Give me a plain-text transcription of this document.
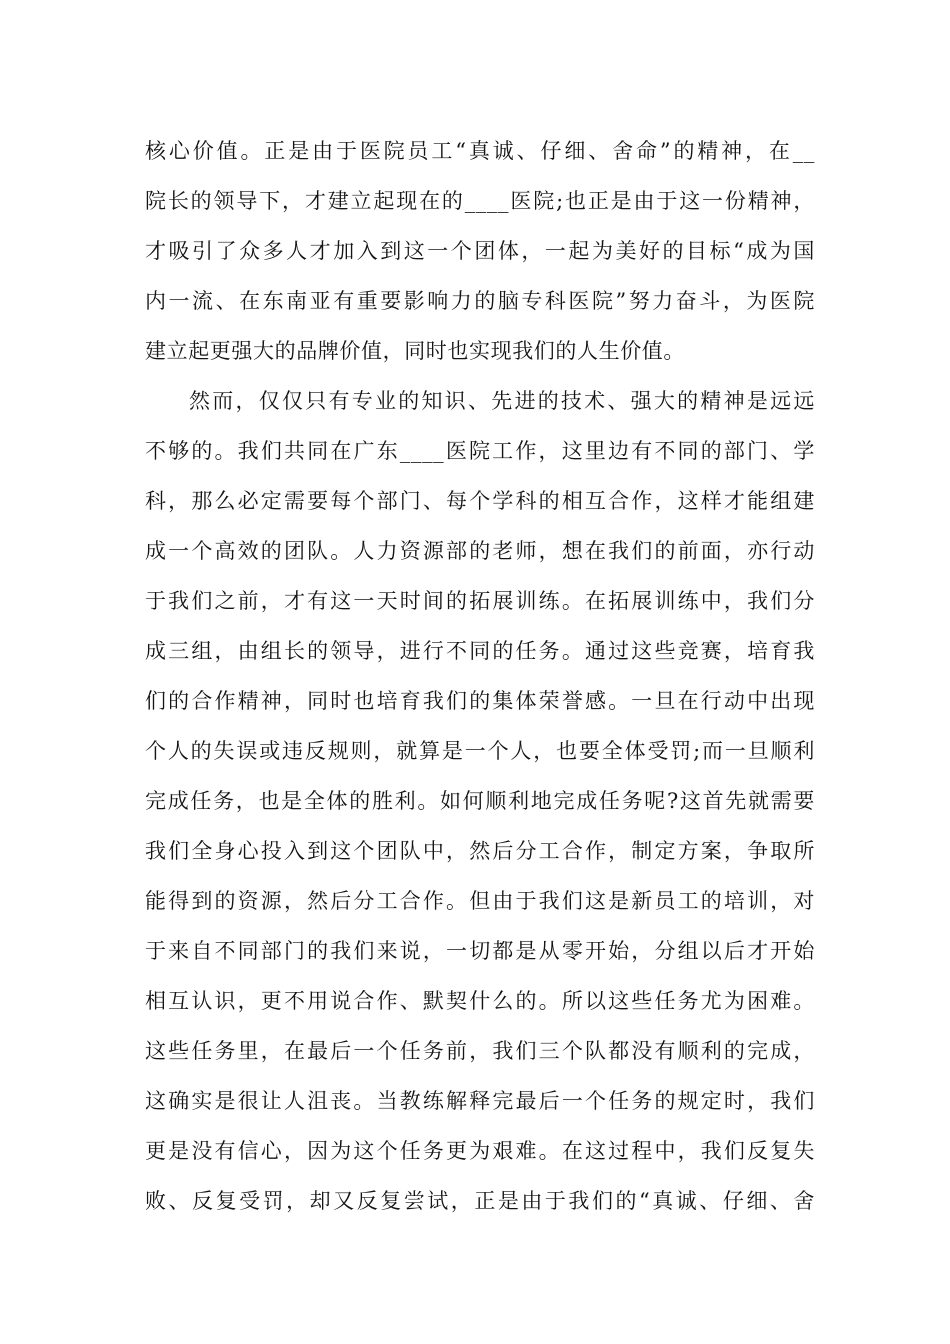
核心价值。正是由于医院员工“真诚、仔细、舍命”的精神，在__
院长的领导下，才建立起现在的____医院;也正是由于这一份精神，
才吸引了众多人才加入到这一个团体，一起为美好的目标“成为国
内一流、在东南亚有重要影响力的脑专科医院”努力奋斗，为医院
建立起更强大的品牌价值，同时也实现我们的人生价值。
然而，仅仅只有专业的知识、先进的技术、强大的精神是远远
不够的。我们共同在广东____医院工作，这里边有不同的部门、学
科，那么必定需要每个部门、每个学科的相互合作，这样才能组建
成一个高效的团队。人力资源部的老师，想在我们的前面，亦行动
于我们之前，才有这一天时间的拓展训练。在拓展训练中，我们分
成三组，由组长的领导，进行不同的任务。通过这些竞赛，培育我
们的合作精神，同时也培育我们的集体荣誉感。一旦在行动中出现
个人的失误或违反规则，就算是一个人，也要全体受罚;而一旦顺利
完成任务，也是全体的胜利。如何顺利地完成任务呢?这首先就需要
我们全身心投入到这个团队中，然后分工合作，制定方案，争取所
能得到的资源，然后分工合作。但由于我们这是新员工的培训，对
于来自不同部门的我们来说，一切都是从零开始，分组以后才开始
相互认识，更不用说合作、默契什么的。所以这些任务尤为困难。
这些任务里，在最后一个任务前，我们三个队都没有顺利的完成，
这确实是很让人沮丧。当教练解释完最后一个任务的规定时，我们
更是没有信心，因为这个任务更为艰难。在这过程中，我们反复失
败、反复受罚，却又反复尝试，正是由于我们的“真诚、仔细、舍
